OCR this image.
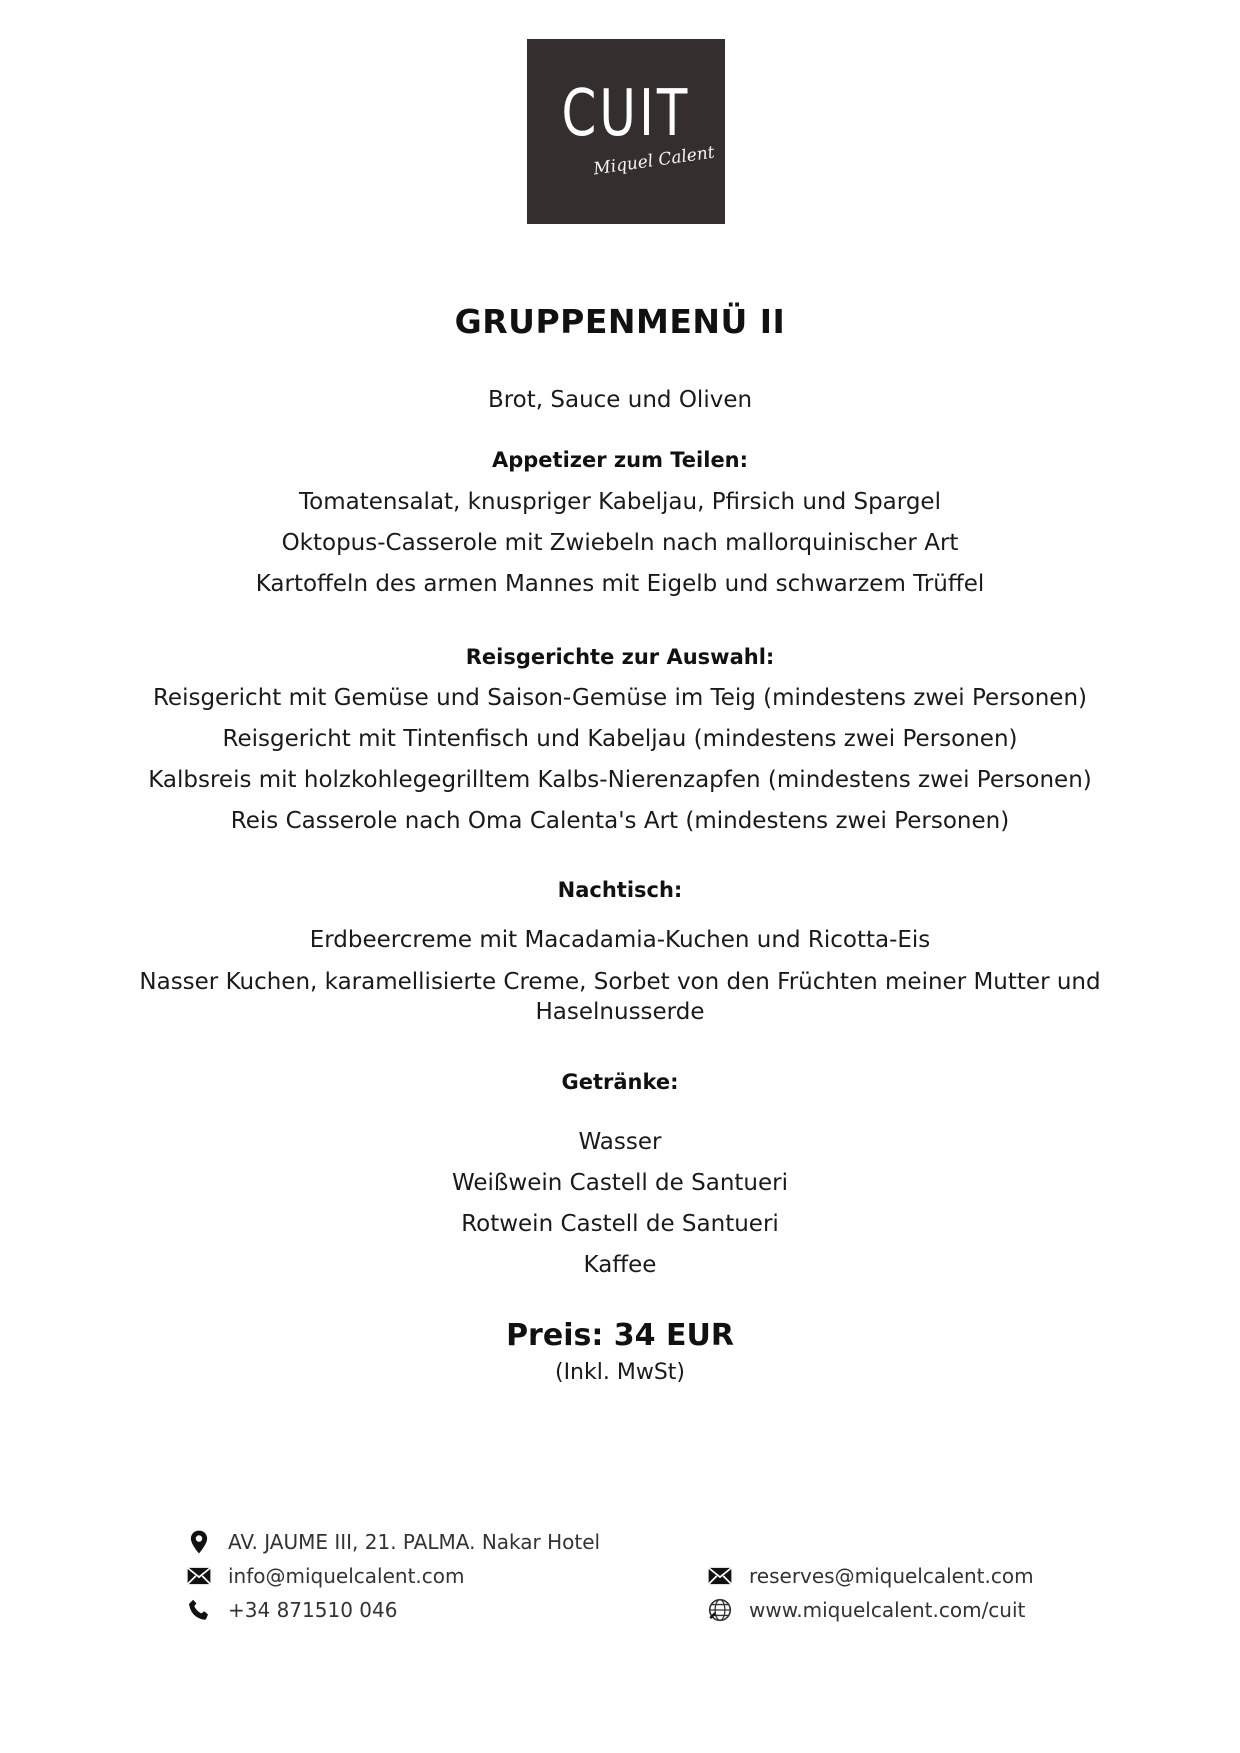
CUIT
Miquel Calent
GRUPPENMENÜ II
Brot, Sauce und Oliven
Appetizer zum Teilen:
Tomatensalat, knuspriger Kabeljau, Pfirsich und Spargel
Oktopus-Casserole mit Zwiebeln nach mallorquinischer Art
Kartoffeln des armen Mannes mit Eigelb und schwarzem Trüffel
Reisgerichte zur Auswahl:
Reisgericht mit Gemüse und Saison-Gemüse im Teig (mindestens zwei Personen)
Reisgericht mit Tintenfisch und Kabeljau (mindestens zwei Personen)
Kalbsreis mit holzkohlegegrilltem Kalbs-Nierenzapfen (mindestens zwei Personen)
Reis Casserole nach Oma Calenta's Art (mindestens zwei Personen)
Nachtisch:
Erdbeercreme mit Macadamia-Kuchen und Ricotta-Eis
Nasser Kuchen, karamellisierte Creme, Sorbet von den Früchten meiner Mutter und
Haselnusserde
Getränke:
Wasser
Weißwein Castell de Santueri
Rotwein Castell de Santueri
Kaffee
Preis: 34 EUR
(Inkl. MwSt)
AV. JAUME III, 21. PALMA. Nakar Hotel
info@miquelcalent.com
+34 871510 046
reserves@miquelcalent.com
www.miquelcalent.com/cuit
